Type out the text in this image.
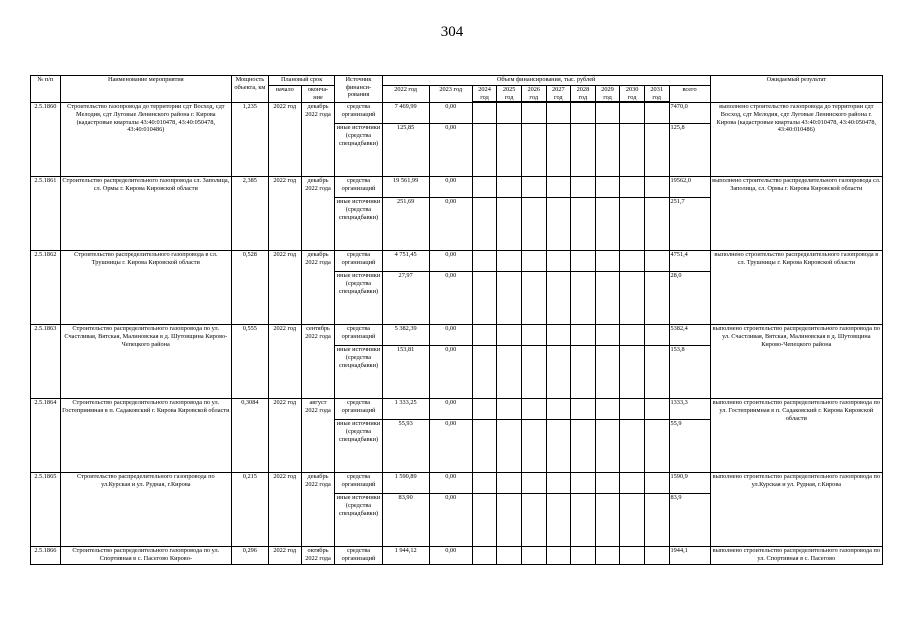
304
№ п/п	Наименование мероприятия	Мощность объекта, км	Плановый срок		Источник финанси- рования	Объем финансирования, тыс. рублей											Ожидаемый результат
			начало	оконча- ние		2022 год	2023 год	2024 год	2025 год	2026 год	2027 год	2028 год	2029 год	2030 год	2031 год	всего	

2.5.1860	Строительство газопровода до территории сдт Восход, сдт Мелодия, сдт Луговые Ленинского района г. Кирова (кадастровые кварталы 43:40:010478, 43:40:050478, 43:40:010486)	1,235	2022 год	декабрь 2022 года	средства организаций	7 469,99	0,00									7470,0	выполнено строительство газопровода до территории сдт Восход, сдт Мелодия, сдт Луговые Ленинского района г. Кирова (кадастровые кварталы 43:40:010478, 43:40:050478, 43:40:010486)
					иные источники (средства спецнадбавки)	125,85	0,00									125,8	
2.5.1861	Строительство распределительного газопровода сл. Заполица, сл. Ормы г. Кирова Кировской области	2,385	2022 год	декабрь 2022 года	средства организаций	19 561,99	0,00									19562,0	выполнено строительство распределительного газопровода сл. Заполица, сл. Ормы г. Кирова Кировской области
					иные источники (средства спецнадбавки)	251,69	0,00									251,7	
2.5.1862	Строительство распределительного газопровода в сл. Трушницы г. Кирова Кировской области	0,528	2022 год	декабрь 2022 года	средства организаций	4 751,45	0,00									4751,4	выполнено строительство распределительного газопровода в сл. Трушницы г. Кирова Кировской области
					иные источники (средства спецнадбавки)	27,97	0,00									28,0	
2.5.1863	Строительство распределительного газопровода по ул. Счастливая, Вятская, Малиновская в д. Шутовщина Кирово-Чепецкого района	0,555	2022 год	сентябрь 2022 года	средства организаций	5 382,39	0,00									5382,4	выполнено строительство распределительного газопровода по ул. Счастливая, Вятская, Малиновская в д. Шутовщина Кирово-Чепецкого района
					иные источники (средства спецнадбавки)	153,81	0,00									153,8	
2.5.1864	Строительство распределительного газопровода по ул. Гостеприимная в п. Садаковский г. Кирова Кировской области	0,3084	2022 год	август 2022 года	средства организаций	1 333,25	0,00									1333,3	выполнено строительство распределительного газопровода по ул. Гостеприимная в п. Садаковский г. Кирова Кировской области
					иные источники (средства спецнадбавки)	55,93	0,00									55,9	
2.5.1865	Строительство распределительного газопровода по ул.Курская и ул. Рудная, г.Кирова	0,215	2022 год	декабрь 2022 года	средства организаций	1 590,89	0,00									1590,9	выполнено строительство распределительного газопровода по ул.Курская и ул. Рудная, г.Кирова
					иные источники (средства спецнадбавки)	83,90	0,00									83,9	
2.5.1866	Строительство распределительного газопровода по ул. Спортивная в с. Пасегово Кирово-	0,296	2022 год	октябрь 2022 года	средства организаций	1 944,12	0,00									1944,1	выполнено строительство распределительного газопровода по ул. Спортивная в с. Пасегово
